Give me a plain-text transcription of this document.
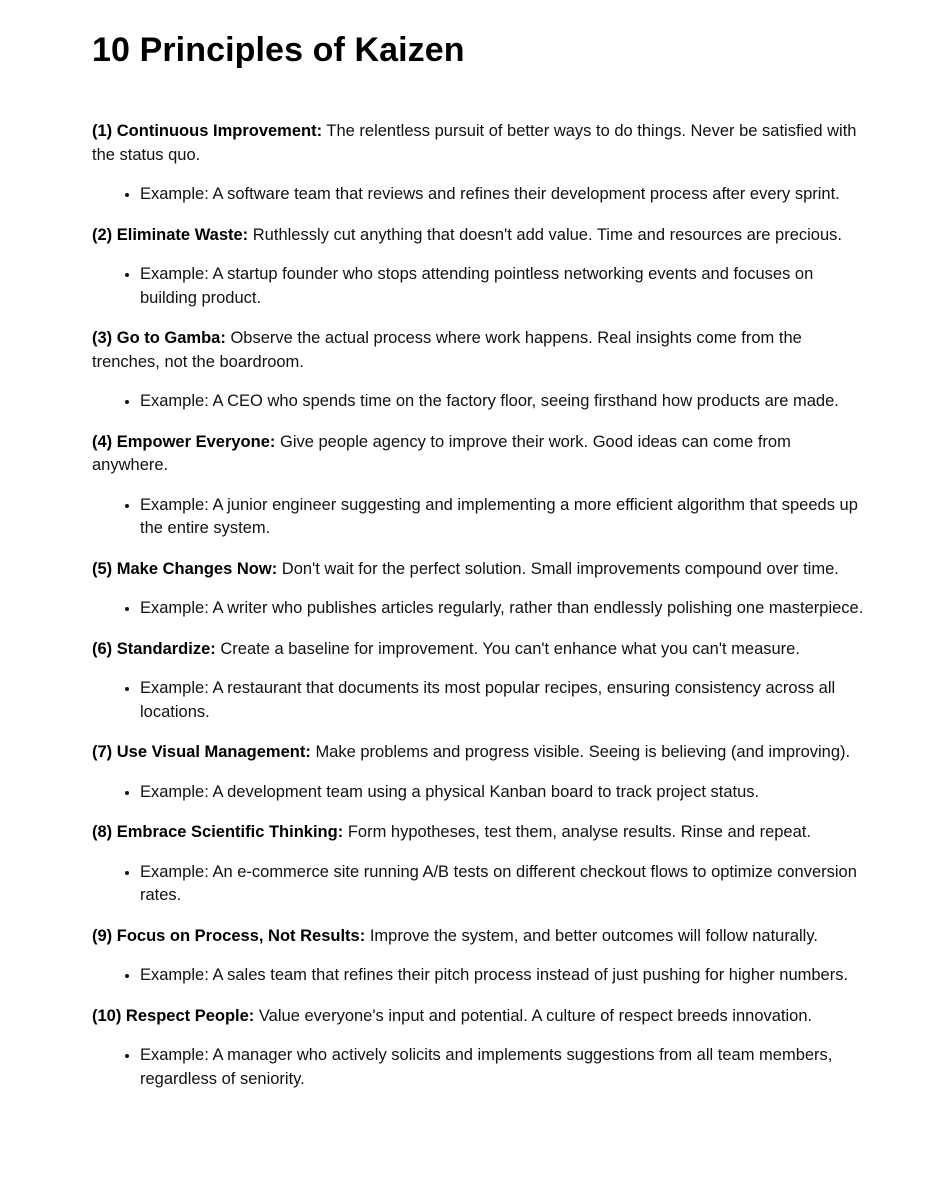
10 Principles of Kaizen

(1) Continuous Improvement: The relentless pursuit of better ways to do things. Never be satisfied with the status quo.

• Example: A software team that reviews and refines their development process after every sprint.

(2) Eliminate Waste: Ruthlessly cut anything that doesn't add value. Time and resources are precious.

• Example: A startup founder who stops attending pointless networking events and focuses on building product.

(3) Go to Gamba: Observe the actual process where work happens. Real insights come from the trenches, not the boardroom.

• Example: A CEO who spends time on the factory floor, seeing firsthand how products are made.

(4) Empower Everyone: Give people agency to improve their work. Good ideas can come from anywhere.

• Example: A junior engineer suggesting and implementing a more efficient algorithm that speeds up the entire system.

(5) Make Changes Now: Don't wait for the perfect solution. Small improvements compound over time.

• Example: A writer who publishes articles regularly, rather than endlessly polishing one masterpiece.

(6) Standardize: Create a baseline for improvement. You can't enhance what you can't measure.

• Example: A restaurant that documents its most popular recipes, ensuring consistency across all locations.

(7) Use Visual Management: Make problems and progress visible. Seeing is believing (and improving).

• Example: A development team using a physical Kanban board to track project status.

(8) Embrace Scientific Thinking: Form hypotheses, test them, analyse results. Rinse and repeat.

• Example: An e-commerce site running A/B tests on different checkout flows to optimize conversion rates.

(9) Focus on Process, Not Results: Improve the system, and better outcomes will follow naturally.

• Example: A sales team that refines their pitch process instead of just pushing for higher numbers.

(10) Respect People: Value everyone's input and potential. A culture of respect breeds innovation.

• Example: A manager who actively solicits and implements suggestions from all team members, regardless of seniority.
